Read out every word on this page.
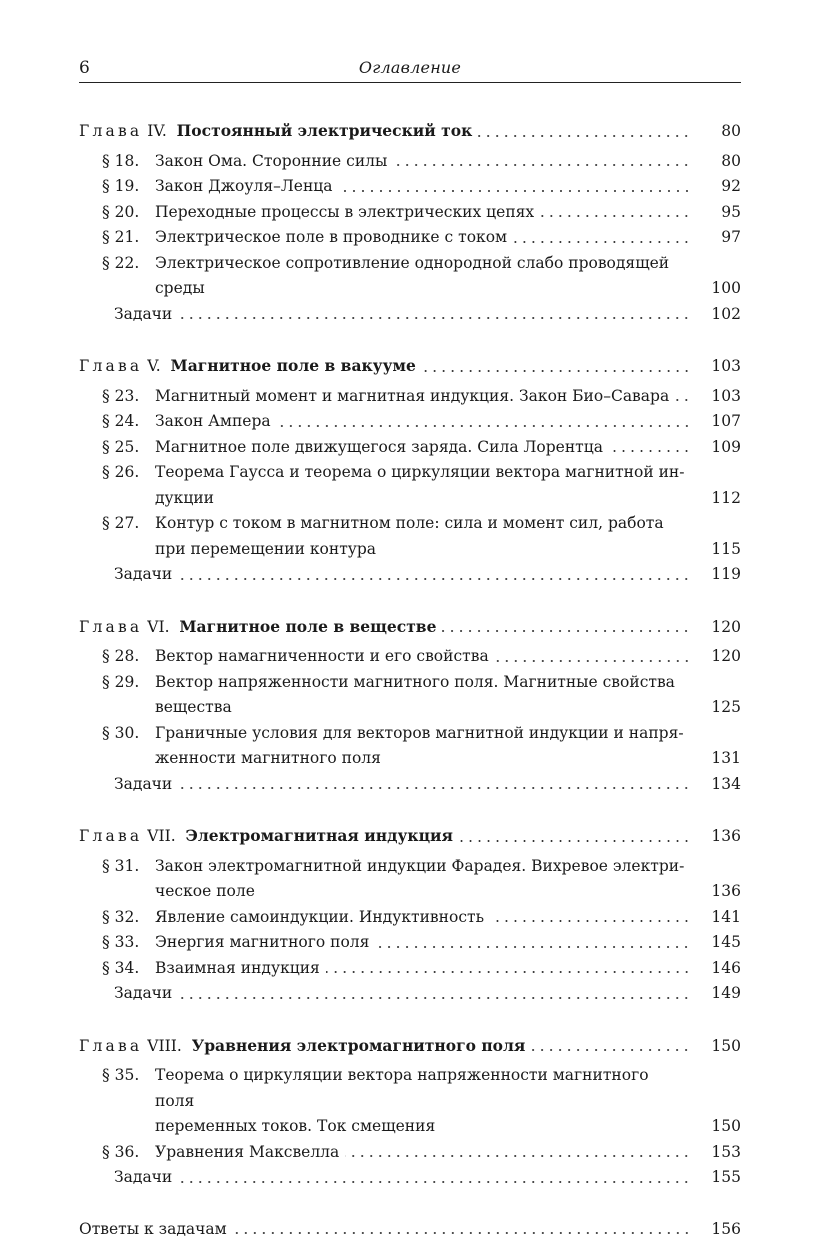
6	Оглавление
Глава IV. Постоянный электрический ток	80
§ 18.	Закон Ома. Сторонние силы	80
§ 19.	Закон Джоуля–Ленца	92
§ 20.	Переходные процессы в электрических цепях	95
§ 21.	Электрическое поле в проводнике с током	97
§ 22.	Электрическое сопротивление однородной слабо проводящей
среды	100
Задачи	102
Глава V. Магнитное поле в вакууме	103
§ 23.	Магнитный момент и магнитная индукция. Закон Био–Савара	103
§ 24.	Закон Ампера	107
§ 25.	Магнитное поле движущегося заряда. Сила Лорентца	109
§ 26.	Теорема Гаусса и теорема о циркуляции вектора магнитной ин-
дукции	112
§ 27.	Контур с током в магнитном поле: сила и момент сил, работа
при перемещении контура	115
Задачи	119
Глава VI. Магнитное поле в веществе	120
§ 28.	Вектор намагниченности и его свойства	120
§ 29.	Вектор напряженности магнитного поля. Магнитные свойства
вещества	125
§ 30.	Граничные условия для векторов магнитной индукции и напря-
женности магнитного поля	131
Задачи	134
Глава VII. Электромагнитная индукция	136
§ 31.	Закон электромагнитной индукции Фарадея. Вихревое электри-
ческое поле	136
§ 32.	Явление самоиндукции. Индуктивность	141
§ 33.	Энергия магнитного поля	145
§ 34.	Взаимная индукция	146
Задачи	149
Глава VIII. Уравнения электромагнитного поля	150
§ 35.	Теорема о циркуляции вектора напряженности магнитного поля
переменных токов. Ток смещения	150
§ 36.	Уравнения Максвелла	153
Задачи	155
Ответы к задачам	156
